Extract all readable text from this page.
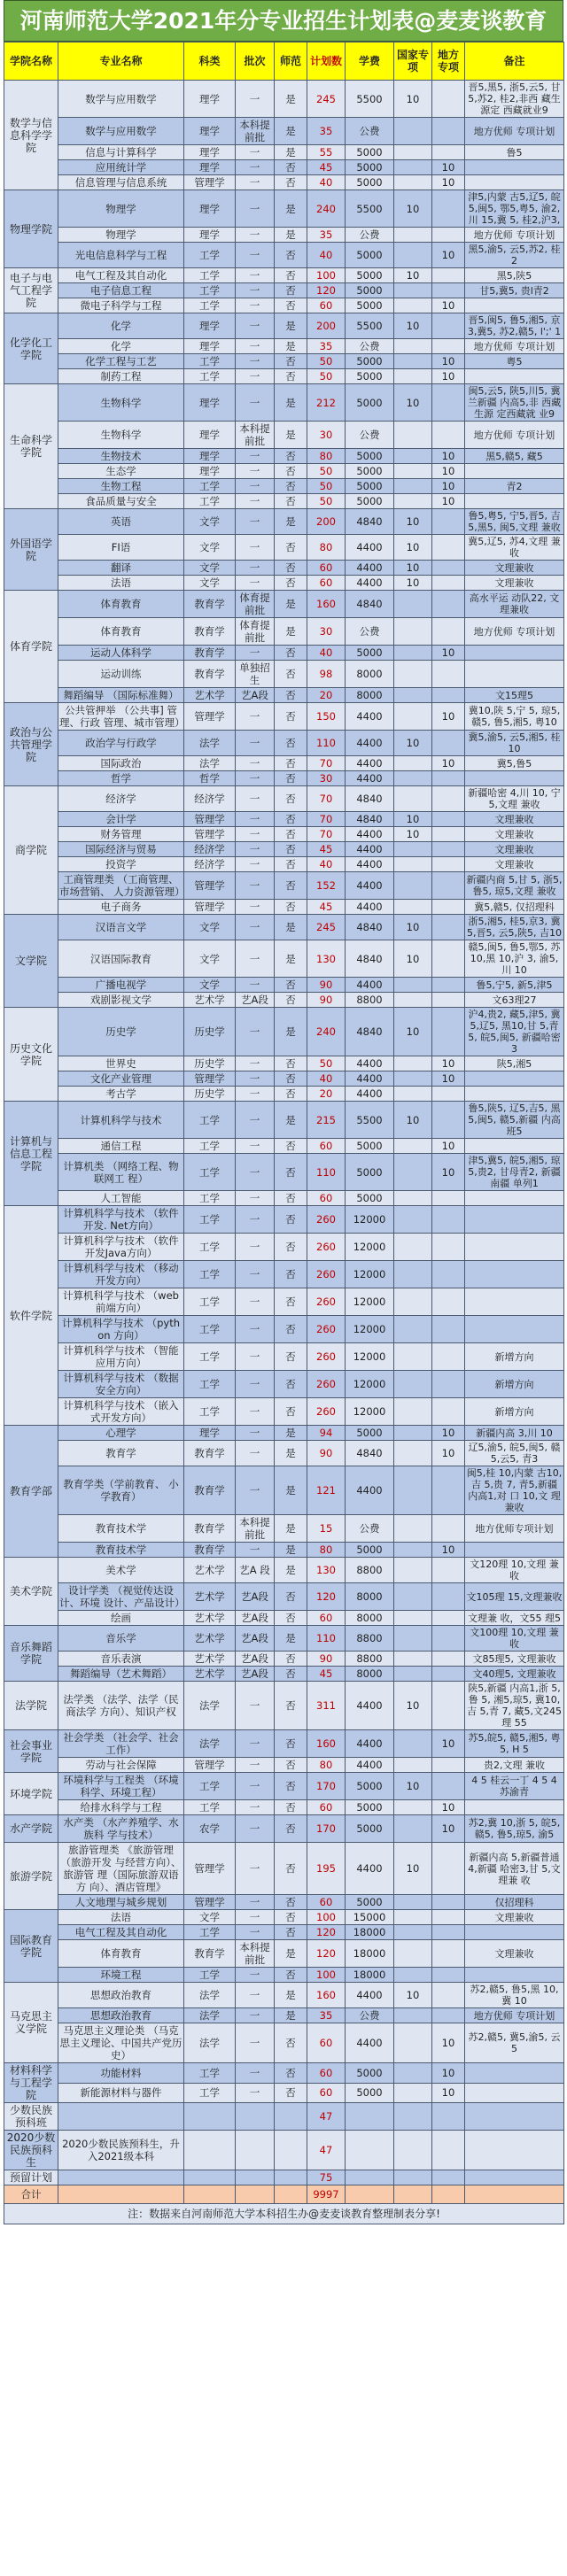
河南师范大学2021年分专业招生计划表@麦麦谈教育
学院名称	专业名称	科类	批次	师范	计划数	学费	国家专项	地方专项	备注
数学与信息科学学院	数学与应用数学	理学	一	是	245	5500	10		晋5,黑5, 浙5,云5, 甘5,苏2, 桂2,非西 藏生源定 西藏就业9
	数学与应用数学	理学	本科提前批	是	35	公费			地方优师 专项计划
	信息与计算科学	理学	一	是	55	5000			鲁5
	应用统计学	理学	一	否	45	5000		10	
	信息管理与信息系统	管理学	一	否	40	5000		10	
物理学院	物理学	理学	一	是	240	5500	10		津5,内蒙 古5,辽5, 皖5,闽5, 鄂5,粤5, 渝2,川 15,冀 5, 桂2,沪3,
	物理学	理学	一	是	35	公费			地方优师 专项计划
	光电信息科学与工程	工学	一	否	40	5000		10	黑5,渝5, 云5,苏2, 桂2
电子与电气工程学院	电气工程及其自动化	工学	一	否	100	5000	10		黑5,陕5
	电子信息工程	工学	一	否	120	5000			甘5,冀5, 贵l青2
	微电子科学与工程	工学	一	否	60	5000		10	
化学化工学院	化学	理学	一	是	200	5500	10		晋5,闽5, 鲁5,湘5, 京3,冀5, 苏2,赣5, l';' 1
	化学	理学	一	是	35	公费			地方优师 专项计划
	化学工程与工艺	工学	一	否	50	5000		10	粤5
	制药工程	工学	一	否	50	5000		10	
生命科学学院	生物科学	理学	一	是	212	5000	10		闽5,云5, 陕5,川5, 冀兰新疆 内高5,非 西藏生源 定西藏就 业9
	生物科学	理学	本科提前批	是	30	公费			地方优师 专项计划
	生物技术	理学	一	否	80	5000		10	黑5,赣5, 藏5
	生态学	理学	一	否	50	5000		10	
	生物工程	工学	一	否	50	5000		10	青2
	食品质量与安全	工学	一	否	50	5000		10	
外国语学院	英语	文学	一	是	200	4840	10		鲁5,粤5, 宁5,晋5, 吉5,黑5, 闽5,文理 兼收
	FI语	文学	一	否	80	4400	10		冀5,辽5, 苏4,文理 兼收
	翻译	文学	一	否	60	4400	10		文理兼收
	法语	文学	一	否	60	4400	10		文理兼收
体育学院	体育教育	教育学	体育提前批	是	160	4840			高水平运 动队22, 文理兼收
	体育教育	教育学	体育提前批	是	30	公费			地方优师 专项计划
	运动人体科学	教育学	一	否	40	5000		10	
	运动训练	教育学	单独招生	否	98	8000			
	舞蹈编导 （国际标准舞）	艺术学	艺A段	否	20	8000			文15理5
政治与公共管理学院	公共管押举 （公共事] 管理、行政 管理、城市管理）	管理学	一	否	150	4400		10	冀10,陕 5,宁 5, 琼5,赣5, 鲁5,湘5, 粤10
	政治学与行政学	法学	一	否	110	4400	10		冀5,渝5, 云5,湘5, 桂10
	国际政治	法学	一	否	70	4400		10	冀5,鲁5
	哲学	哲学	一	否	30	4400			
商学院	经济学	经济学	一	否	70	4840			新疆哈密 4,川 10, 宁5,文理 兼收
	会计学	管理学	一	否	70	4840	10		文理兼收
	财务管理	管理学	一	否	70	4400	10		文理兼收
	国际经济与贸易	经济学	一	否	45	4400			文理兼收
	投资学	经济学	一	否	40	4400			文理兼收
	工商管理类 （工商管理、市场营销、 人力资源管理）	管理学	一	否	152	4400			新疆内商 5,甘 5, 浙5,鲁5, 琼5,文理 兼收
	电子商务	管理学	一	否	45	4400			冀5,赣5, 仅招理科
文学院	汉语言文学	文学	一	是	245	4840	10		浙5,湘5, 桂5,京3, 冀5,晋5, 云5,陕5, 吉10
	汉语国际教育	文学	一	是	130	4840	10		赣5,闽5, 鲁5,鄂5, 苏10,黑 10,沪 3, 渝5,川 10
	广播电视学	文学	一	否	90	4400			鲁5,宁5, 新5,津5
	戏剧影视文学	艺术学	艺A段	否	90	8800			文63理27
历史文化学院	历史学	历史学	一	是	240	4840	10		沪4,贵2, 藏5,津5, 冀5,辽5, 黑10,甘 5,青5, 皖5,闽5, 新疆哈密3
	世界史	历史学	一	否	50	4400		10	陕5,湘5
	文化产业管理	管理学	一	否	40	4400		10	
	考古学	历史学	一	否	20	4400			
计算机与信息工程学院	计算机科学与技术	工学	一	是	215	5500	10		鲁5,陕5, 辽5,吉5, 黑5,闽5, 赣5,新疆 内高班5
	通信工程	工学	一	否	60	5000		10	
	计算机类 （网络工程、物联网工 程）	工学	一	否	110	5000		10	津5,冀5, 皖5,湘5, 琼5,贵2, 甘母青2, 新疆南疆 单列1
	人工智能	工学	一	否	60	5000			
软件学院	计算机科学与技术 （软件开发. Net方向）	工学	一	否	260	12000			
	计算机科学与技术 （软件开发Java方向）	工学	一	否	260	12000			
	计算机科学与技术 （移动开发方向）	工学	一	否	260	12000			
	计算机科学与技术 （web前端方向）	工学	一	否	260	12000			
	计算机科学与技术 （python 方向）	工学	一	否	260	12000			
	计算机科学与技术 （智能应用方向）	工学	一	否	260	12000			新增方向
	计算机科学与技术 （数据安全方向）	工学	一	否	260	12000			新增方向
	计算机科学与技术 （嵌入式开发方向）	工学	一	否	260	12000			新增方向
教育学部	心理学	理学	一	是	94	5000		10	新疆内高 3,川 10
	教育学	教育学	一	是	90	4840		10	辽5,渝5, 皖5,闽5, 赣5,云5, 青3
	教育学类（学前教育、 小学教育）	教育学	一	是	121	4400			闽5,桂 10,内蒙 古10, 吉 5,贵 7, 青5,新疆 内高1,对 口 10,文 理兼收
	教育技术学	教育学	本科提前批	是	15	公费			地方优师专项计划
	教育技术学	教育学	一	是	80	5000		10	
美术学院	美术学	艺术学	艺A 段	是	130	8800			文120理 10,文理 兼收
	设计学类 （视觉传达设计、环境 设计、产品设计）	艺术学	艺A段	否	120	8000			文105理 15,文理兼收
	绘画	艺术学	艺A段	否	60	8000			文理兼 收，文55 理5
音乐舞蹈学院	音乐学	艺术学	艺A段	是	110	8800			文100理 10,文理 兼收
	音乐表演	艺术学	艺A段	否	90	8800			文85理5, 文理兼收
	舞蹈编导（艺术舞蹈）	艺术学	艺A段	否	45	8000			文40理5, 文理兼收
法学院	法学类 （法学、法学（民商法学 方向）、知识产权	法学	一	否	311	4400	10		陕5,新疆 内高1,浙 5,鲁 5, 湘5,琼5, 冀10,吉 5,青 7, 藏5,文245 理 55
社会事业学院	社会学类 （社会学、社会工作）	法学	一	否	160	4400		10	苏5,皖5, 赣5,湘5, 粤5, H 5
	劳动与社会保障	管理学	一	否	80	4400			贵2,文理 兼收
环境学院	环境科学与工程类 （环境科学、环境工程）	工学	一	否	170	5000	10		4 5 桂云一丁 4 5 4 苏渝青
	给排水科学与工程	工学	一	否	60	5000		10	
水产学院	水产类 （水产养殖学、水族科 学与技术）	农学	一	否	170	5000		10	苏2,冀 10,浙 5, 皖5,赣5, 鲁5,琼5, 渝5
旅游学院	旅游管理类 《旅游管理（旅游开发 与经营方向）、旅游管 理（国际旅游双语方 向）、酒店管理》	管理学	一	否	195	4400	10		新疆内高 5,新疆普通4,新疆 哈密3,甘 5,文理兼 收
	人文地理与城乡规划	管理学	一	否	60	5000			仅招理科
国际教育学院	法语	文学	一	否	100	15000			文理兼收
	电气工程及其自动化	工学	一	否	120	18000			
	体育教育	教育学	本科提前批	是	120	18000			文理兼收
	环境工程	工学	一	否	100	18000			
马克思主义学院	思想政治教育	法学	一	是	160	4400	10		苏2,赣5, 鲁5,黑 10,冀 10
	思想政治教育	法学	一	是	35	公费			地方优师 专项计划
	马克思主义理论类 （马克思主义理论、中国共产党历史）	法学	一	否	60	4400		10	苏2,赣5, 冀5,渝5, 云5
材料科学与工程学院	功能材料	工学	一	否	60	5000		10	
	新能源材料与器件	工学	一	否	60	5000		10	
少数民族预科班					47				
2020少数民族预科生	2020少数民族预科生，升入2021级本科				47				
预留计划					75				
合计					9997				
注：数据来自河南师范大学本科招生办@麦麦谈教育整理制表分享!									
